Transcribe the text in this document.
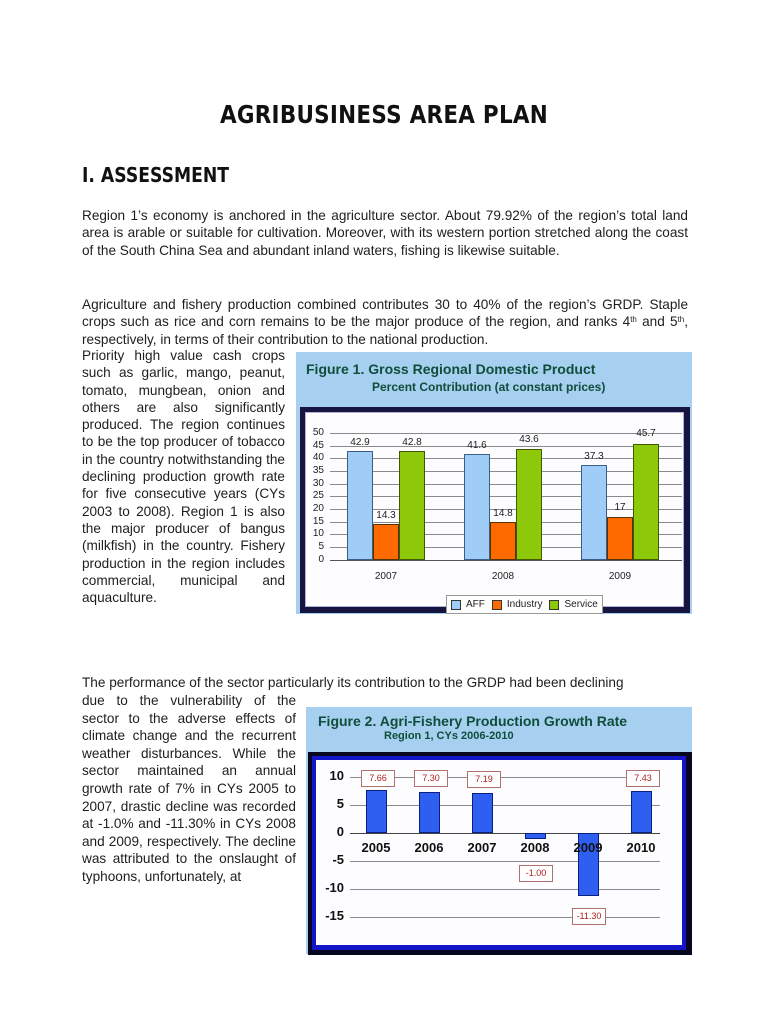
AGRIBUSINESS AREA PLAN
I. ASSESSMENT
Region 1’s economy is anchored in the agriculture sector. About 79.92% of the region’s total land area is arable or suitable for cultivation. Moreover, with its western portion stretched along the coast of the South China Sea and abundant inland waters, fishing is likewise suitable.
Agriculture and fishery production combined contributes 30 to 40% of the region’s GRDP. Staple crops such as rice and corn remains to be the major produce of the region, and ranks 4th and 5th, respectively, in terms of their contribution to the national production.
Priority high value cash crops such as garlic, mango, peanut, tomato, mungbean, onion and others are also significantly produced. The region continues to be the top producer of tobacco in the country notwithstanding the declining production growth rate for five consecutive years (CYs 2003 to 2008). Region 1 is also the major producer of bangus (milkfish) in the country. Fishery production in the region includes commercial, municipal and aquaculture.
The performance of the sector particularly its contribution to the GRDP had been declining
due to the vulnerability of the sector to the adverse effects of climate change and the recurrent weather disturbances. While the sector maintained an annual growth rate of 7% in CYs 2005 to 2007, drastic decline was recorded at -1.0% and -11.30% in CYs 2008 and 2009, respectively. The decline was attributed to the onslaught of typhoons, unfortunately, at
Figure 1. Gross Regional Domestic Product
Percent Contribution (at constant prices)
50
45
40
35
30
25
20
15
10
5
0
42.9
14.3
42.8	41.6
14.8
43.6
37.3
17
45.7
2007	2008	2009
AFF Industry Service
Figure 2. Agri-Fishery Production Growth Rate
Region 1, CYs 2006-2010
10
5
0
-5
-10
-15
7.66	7.30	7.19
-1.00
-11.30
7.43
2005	2006	2007	2008	2009	2010
